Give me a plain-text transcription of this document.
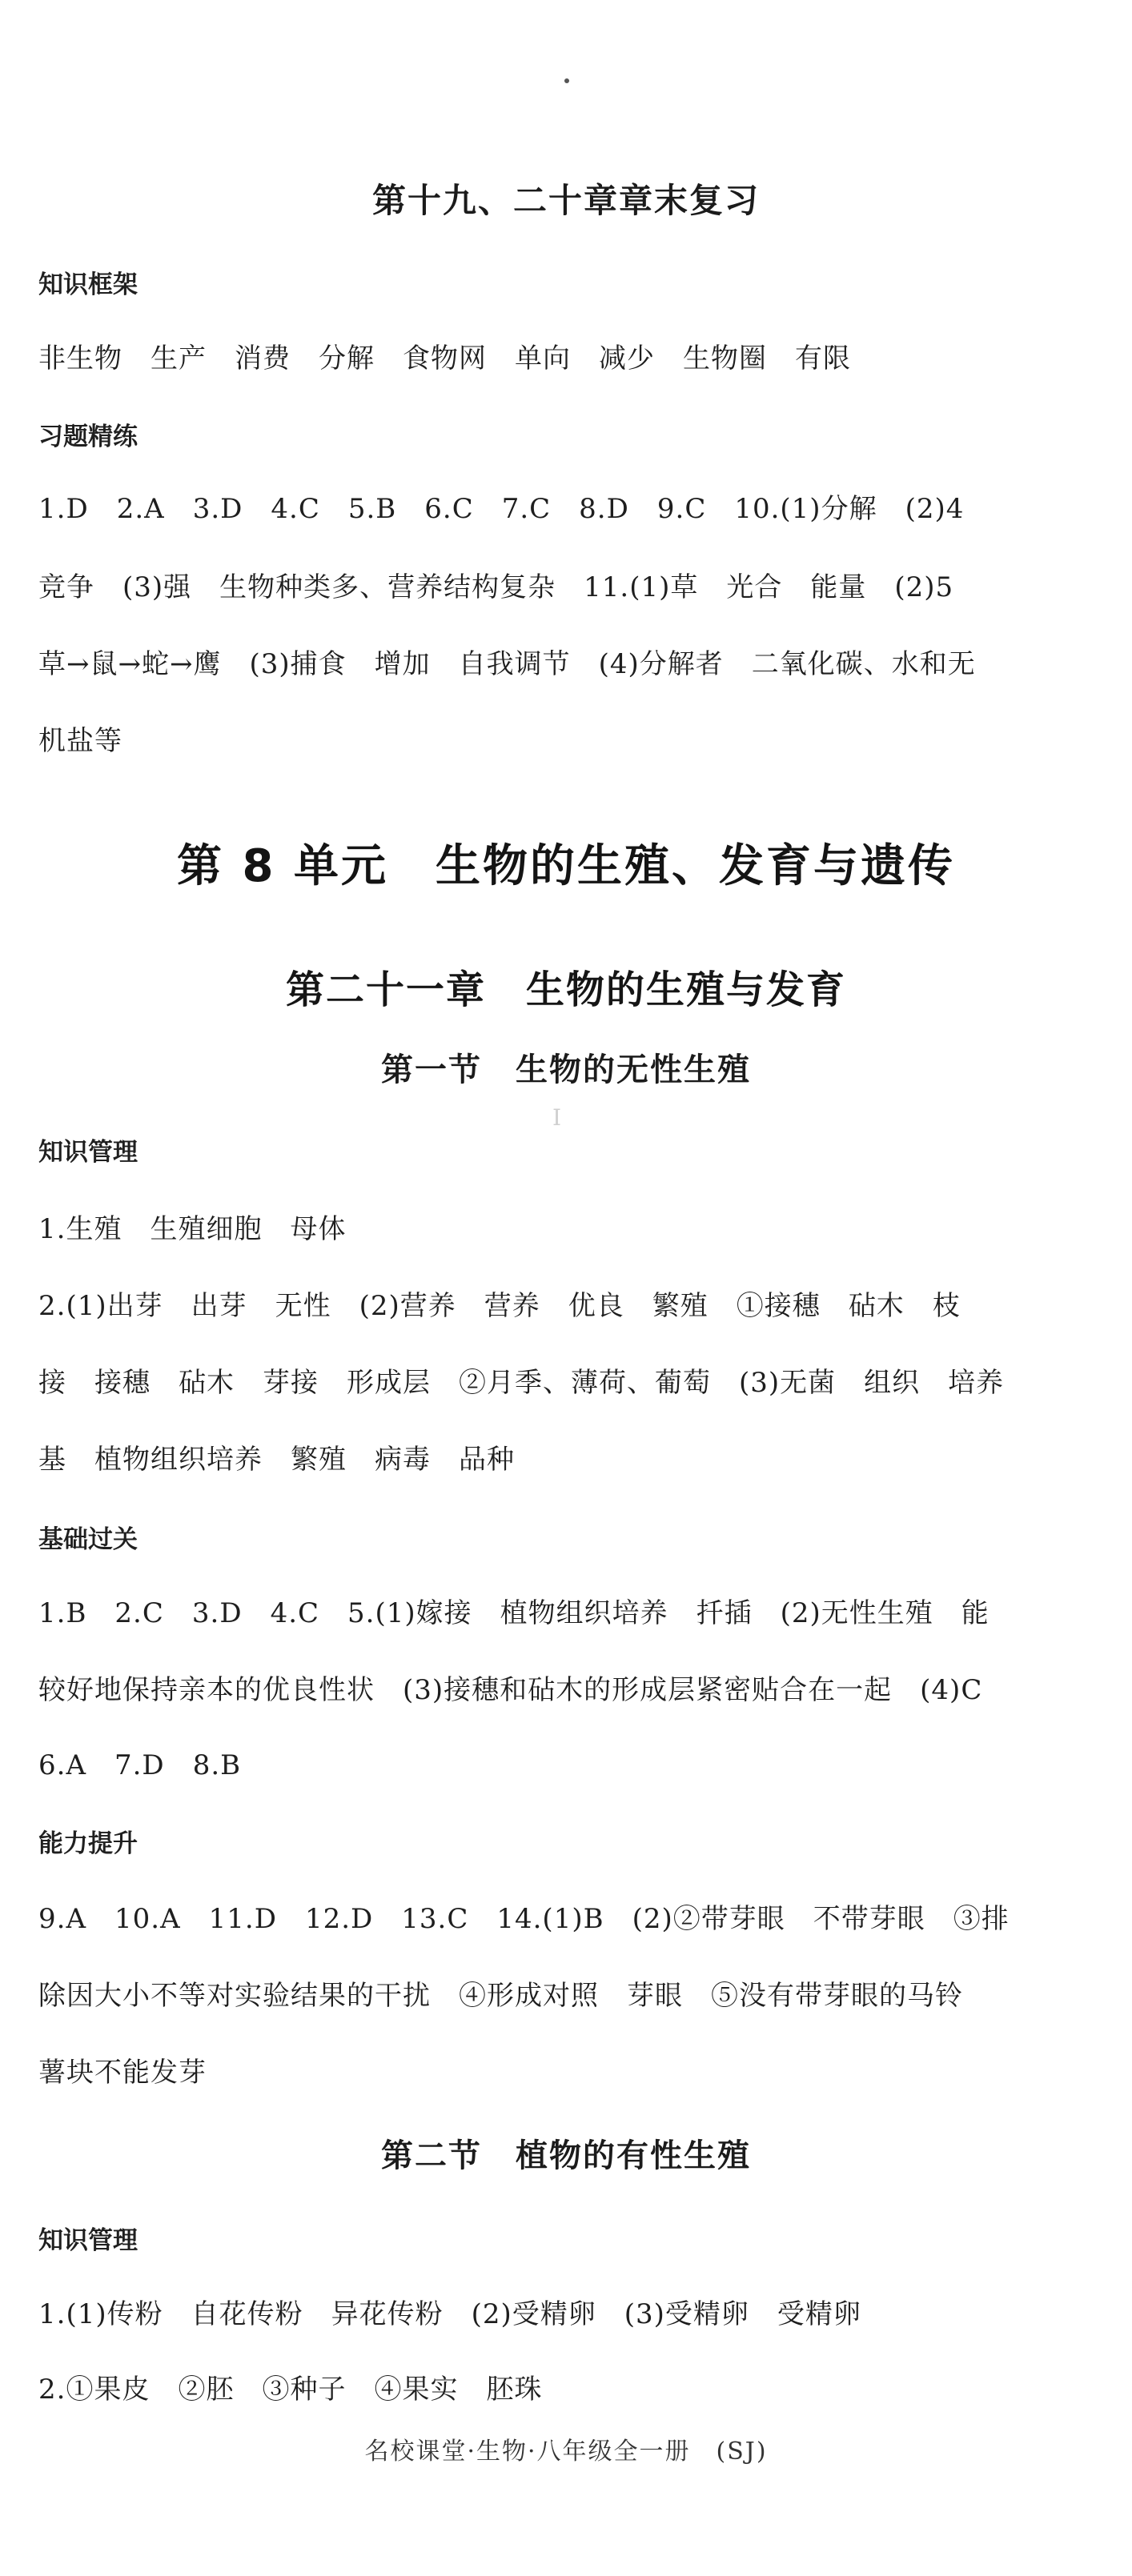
第十九、二十章章末复习
知识框架
非生物　生产　消费　分解　食物网　单向　减少　生物圈　有限
习题精练
1.D　2.A　3.D　4.C　5.B　6.C　7.C　8.D　9.C　10.(1)分解　(2)4
竞争　(3)强　生物种类多、营养结构复杂　11.(1)草　光合　能量　(2)5
草→鼠→蛇→鹰　(3)捕食　增加　自我调节　(4)分解者　二氧化碳、水和无
机盐等
第 8 单元　生物的生殖、发育与遗传
第二十一章　生物的生殖与发育
第一节　生物的无性生殖
I
知识管理
1.生殖　生殖细胞　母体
2.(1)出芽　出芽　无性　(2)营养　营养　优良　繁殖　①接穗　砧木　枝
接　接穗　砧木　芽接　形成层　②月季、薄荷、葡萄　(3)无菌　组织　培养
基　植物组织培养　繁殖　病毒　品种
基础过关
1.B　2.C　3.D　4.C　5.(1)嫁接　植物组织培养　扦插　(2)无性生殖　能
较好地保持亲本的优良性状　(3)接穗和砧木的形成层紧密贴合在一起　(4)C
6.A　7.D　8.B
能力提升
9.A　10.A　11.D　12.D　13.C　14.(1)B　(2)②带芽眼　不带芽眼　③排
除因大小不等对实验结果的干扰　④形成对照　芽眼　⑤没有带芽眼的马铃
薯块不能发芽
第二节　植物的有性生殖
知识管理
1.(1)传粉　自花传粉　异花传粉　(2)受精卵　(3)受精卵　受精卵
2.①果皮　②胚　③种子　④果实　胚珠
名校课堂·生物·八年级全一册　(SJ)
